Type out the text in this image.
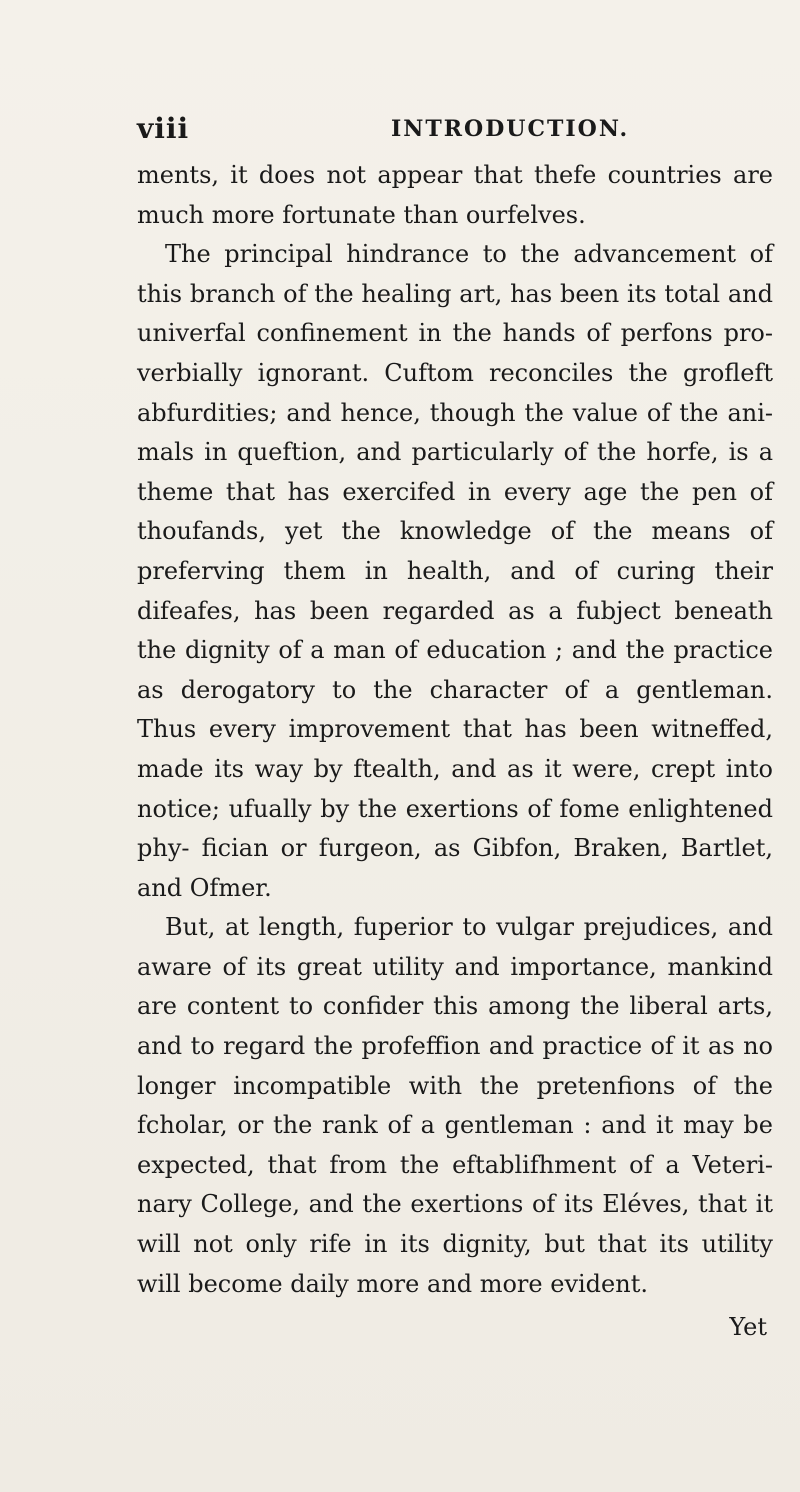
viii	INTRODUCTION.

ments, it does not appear that thefe countries are much more fortunate than ourfelves.

The principal hindrance to the advancement of this branch of the healing art, has been its total and univerfal confinement in the hands of perfons pro- verbially ignorant. Cuftom reconciles the grofleft abfurdities; and hence, though the value of the ani- mals in queftion, and particularly of the horfe, is a theme that has exercifed in every age the pen of thoufands, yet the knowledge of the means of preferving them in health, and of curing their difeafes, has been regarded as a fubject beneath the dignity of a man of education ; and the practice as derogatory to the character of a gentleman. Thus every improvement that has been witneffed, made its way by ftealth, and as it were, crept into notice; ufually by the exertions of fome enlightened phy- fician or furgeon, as Gibfon, Braken, Bartlet, and Ofmer.

But, at length, fuperior to vulgar prejudices, and aware of its great utility and importance, mankind are content to confider this among the liberal arts, and to regard the profeffion and practice of it as no longer incompatible with the pretenfions of the fcholar, or the rank of a gentleman : and it may be expected, that from the eftablifhment of a Veteri- nary College, and the exertions of its Eléves, that it will not only rife in its dignity, but that its utility will become daily more and more evident.

Yet
